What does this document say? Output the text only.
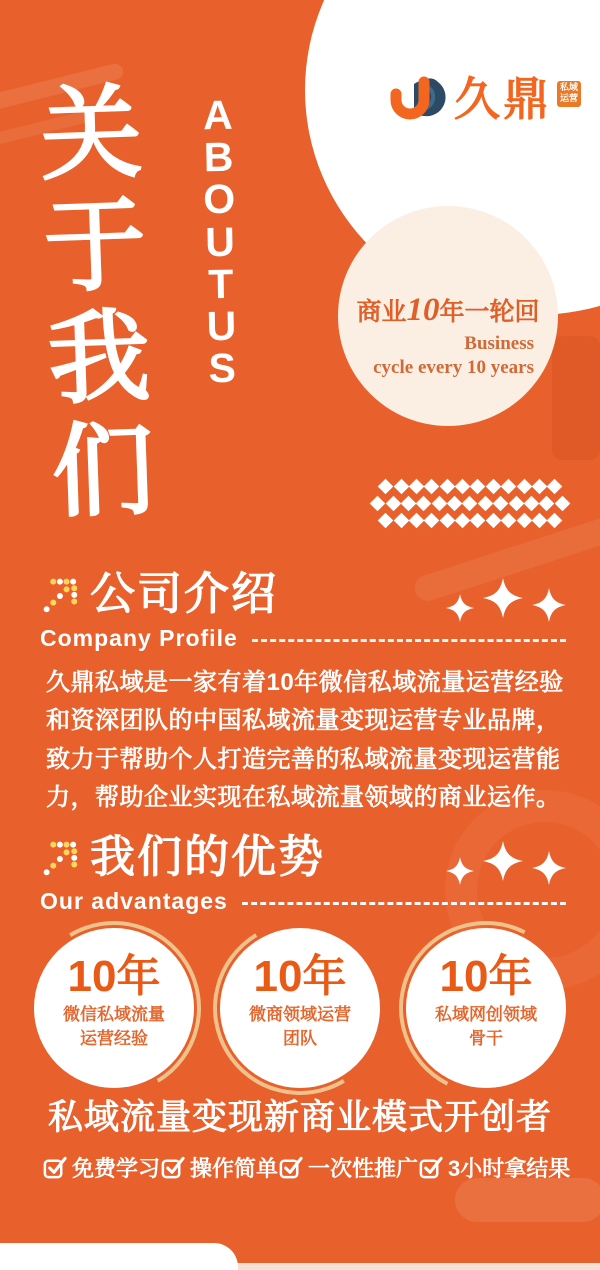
久鼎 私域运营
商业10年一轮回
Business
cycle every 10 years
关于我们
ABOUT US
公司介绍
Company Profile
久鼎私域是一家有着10年微信私域流量运营经验和资深团队的中国私域流量变现运营专业品牌，致力于帮助个人打造完善的私域流量变现运营能力，帮助企业实现在私域流量领域的商业运作。
我们的优势
Our advantages
10年
微信私域流量
运营经验
10年
微商领域运营
团队
10年
私域网创领域
骨干
私域流量变现新商业模式开创者
免费学习 操作简单 一次性推广 3小时拿结果
